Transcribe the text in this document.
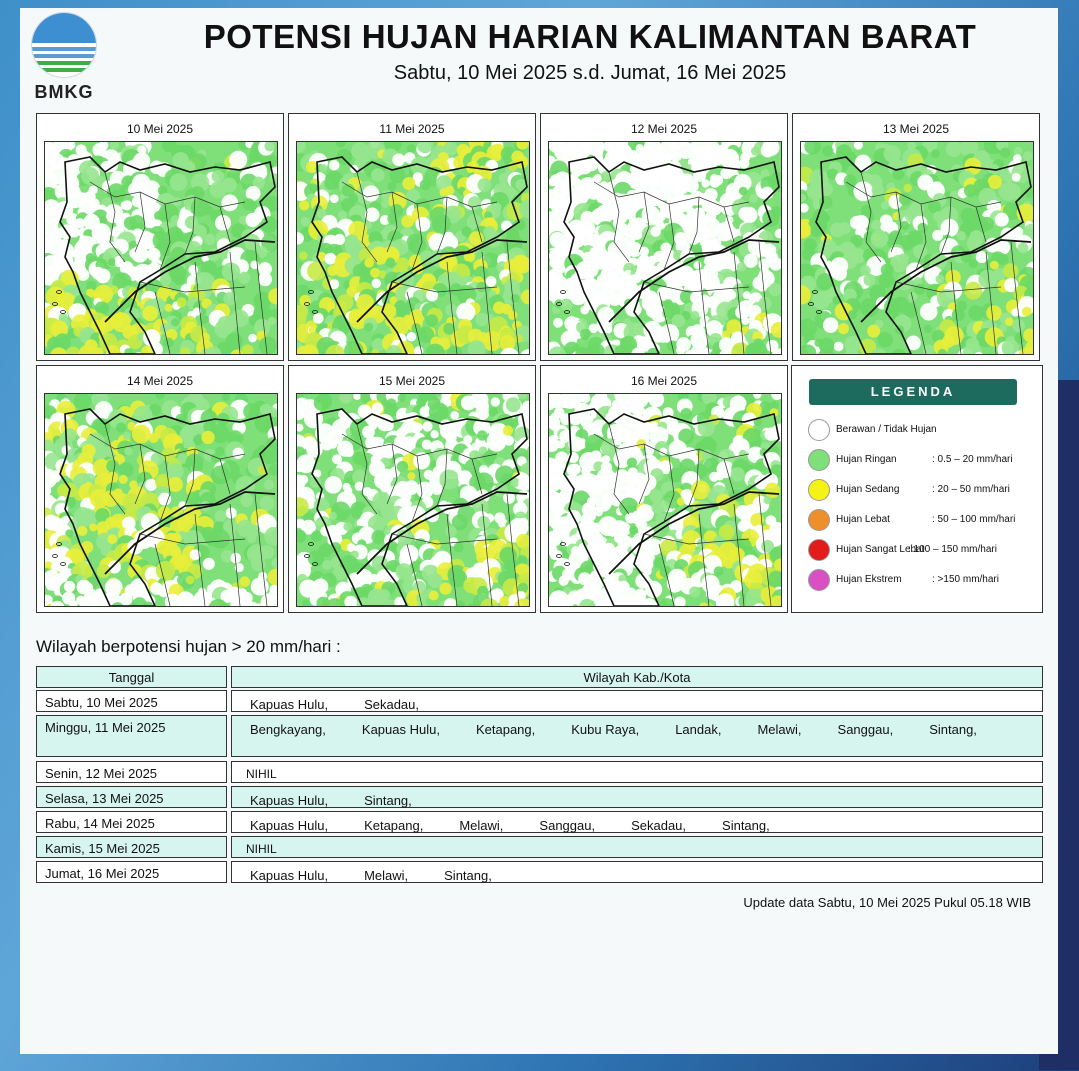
BMKG
POTENSI HUJAN HARIAN KALIMANTAN BARAT
Sabtu, 10 Mei 2025 s.d. Jumat, 16 Mei 2025
10 Mei 2025	11 Mei 2025	12 Mei 2025	13 Mei 2025
14 Mei 2025	15 Mei 2025	16 Mei 2025
LEGENDA
Berawan / Tidak Hujan
Hujan Ringan	: 0.5 – 20 mm/hari
Hujan Sedang	: 20 – 50 mm/hari
Hujan Lebat	: 50 – 100 mm/hari
Hujan Sangat Lebat
: 100 – 150 mm/hari
Hujan Ekstrem	: >150 mm/hari
Wilayah berpotensi hujan > 20 mm/hari :
Tanggal	Wilayah Kab./Kota
Sabtu, 10 Mei 2025	Kapuas Hulu,	Sekadau,
Minggu, 11 Mei 2025	Bengkayang,	Kapuas Hulu,	Ketapang,	Kubu Raya,	Landak,	Melawi,	Sanggau,	Sintang,
Senin, 12 Mei 2025	NIHIL
Selasa, 13 Mei 2025	Kapuas Hulu,	Sintang,
Rabu, 14 Mei 2025	Kapuas Hulu,	Ketapang,	Melawi,	Sanggau,	Sekadau,	Sintang,
Kamis, 15 Mei 2025	NIHIL
Jumat, 16 Mei 2025	Kapuas Hulu,	Melawi,	Sintang,
Update data Sabtu, 10 Mei 2025 Pukul 05.18 WIB
